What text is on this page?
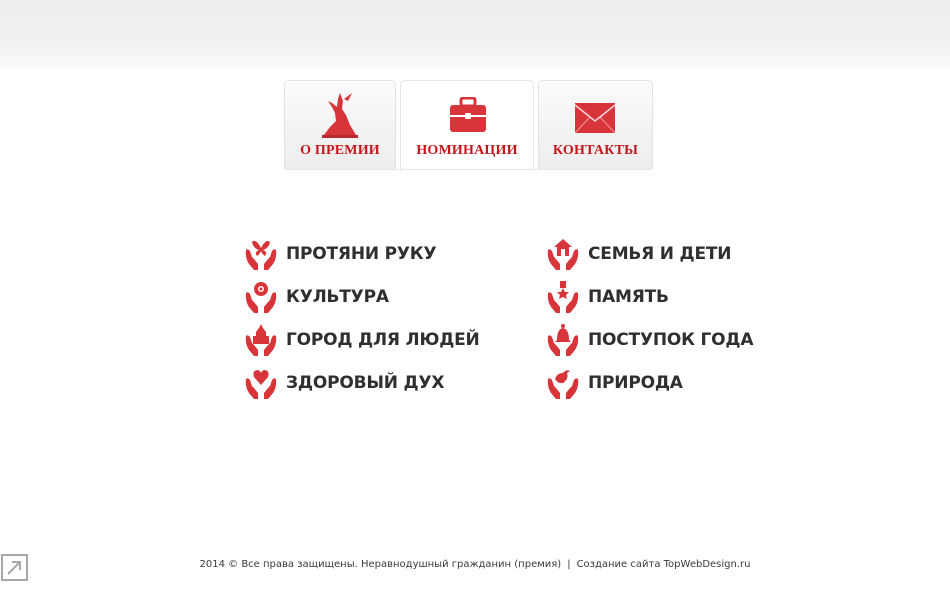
О ПРЕМИИ	НОМИНАЦИИ	КОНТАКТЫ
ПРОТЯНИ РУКУ
КУЛЬТУРА
ГОРОД ДЛЯ ЛЮДЕЙ
ЗДОРОВЫЙ ДУХ
СЕМЬЯ И ДЕТИ
ПАМЯТЬ
ПОСТУПОК ГОДА
ПРИРОДА
2014 © Все права защищены. Неравнодушный гражданин (премия) | Создание сайта TopWebDesign.ru
